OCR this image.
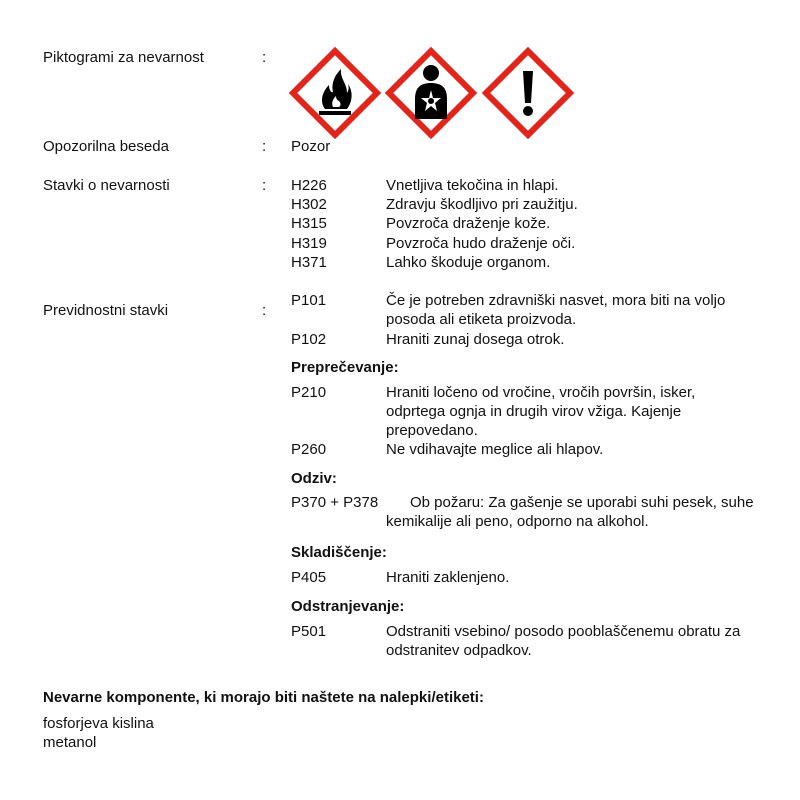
Piktogrami za nevarnost	:
Opozorilna beseda	: Pozor
Stavki o nevarnosti	: H226	Vnetljiva tekočina in hlapi.
H302	Zdravju škodljivo pri zaužitju.
H315	Povzroča draženje kože.
H319	Povzroča hudo draženje oči.
H371	Lahko škoduje organom.
Previdnostni stavki	:
P101	Če je potreben zdravniški nasvet, mora biti na voljo posoda ali etiketa proizvoda.
P102	Hraniti zunaj dosega otrok.
Preprečevanje:
P210	Hraniti ločeno od vročine, vročih površin, isker, odprtega ognja in drugih virov vžiga. Kajenje prepovedano.
P260	Ne vdihavajte meglice ali hlapov.
Odziv:
P370 + P378	Ob požaru: Za gašenje se uporabi suhi pesek, suhe kemikalije ali peno, odporno na alkohol.
Skladiščenje:
P405	Hraniti zaklenjeno.
Odstranjevanje:
P501	Odstraniti vsebino/ posodo pooblaščenemu obratu za odstranitev odpadkov.
Nevarne komponente, ki morajo biti naštete na nalepki/etiketi:
fosforjeva kislina
metanol
